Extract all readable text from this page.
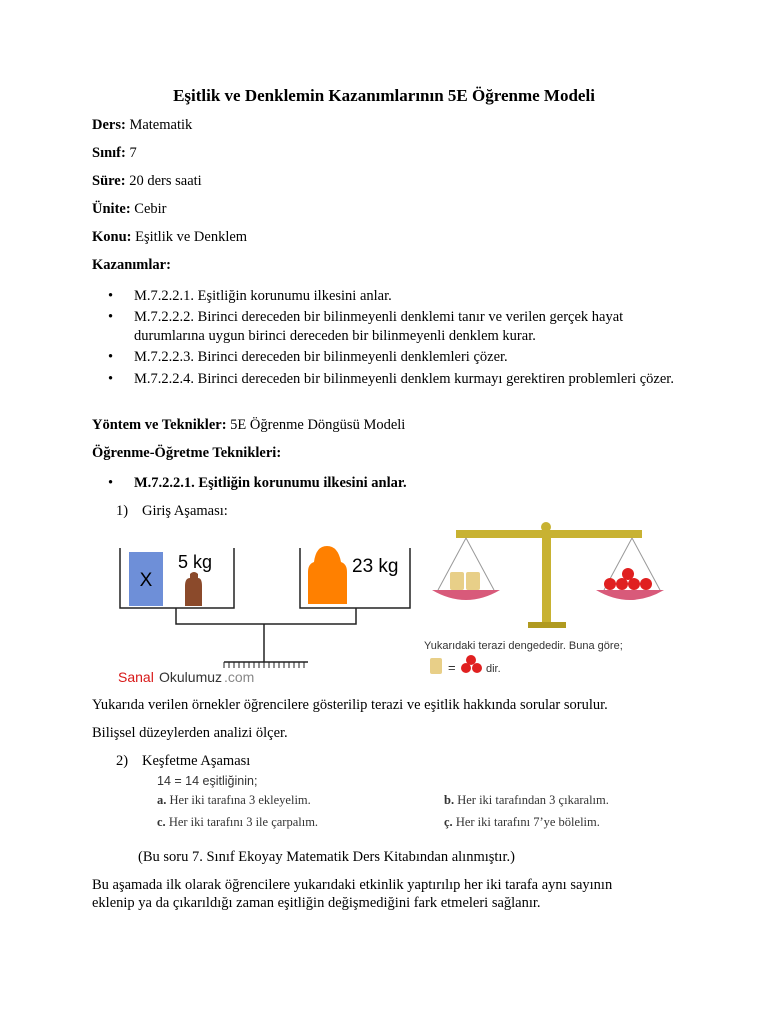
Eşitlik ve Denklemin Kazanımlarının 5E Öğrenme Modeli
Ders: Matematik
Sınıf: 7
Süre: 20 ders saati
Ünite: Cebir
Konu: Eşitlik ve Denklem
Kazanımlar:
• M.7.2.2.1. Eşitliğin korunumu ilkesini anlar.
• M.7.2.2.2. Birinci dereceden bir bilinmeyenli denklemi tanır ve verilen gerçek hayat durumlarına uygun birinci dereceden bir bilinmeyenli denklem kurar.
• M.7.2.2.3. Birinci dereceden bir bilinmeyenli denklemleri çözer.
• M.7.2.2.4. Birinci dereceden bir bilinmeyenli denklem kurmayı gerektiren problemleri çözer.
Yöntem ve Teknikler: 5E Öğrenme Döngüsü Modeli
Öğrenme-Öğretme Teknikleri:
• M.7.2.2.1. Eşitliğin korunumu ilkesini anlar.
1) Giriş Aşaması:
X
5 kg	23 kg
Sanal Okulumuz .com
Yukarıdaki terazi dengededir. Buna göre;
=	dir.
Yukarıda verilen örnekler öğrencilere gösterilip terazi ve eşitlik hakkında sorular sorulur.
Bilişsel düzeylerden analizi ölçer.
2) Keşfetme Aşaması
14 = 14 eşitliğinin;
a. Her iki tarafına 3 ekleyelim.	b. Her iki tarafından 3 çıkaralım.
c. Her iki tarafını 3 ile çarpalım.	ç. Her iki tarafını 7’ye bölelim.
(Bu soru 7. Sınıf Ekoyay Matematik Ders Kitabından alınmıştır.)
Bu aşamada ilk olarak öğrencilere yukarıdaki etkinlik yaptırılıp her iki tarafa aynı sayının
eklenip ya da çıkarıldığı zaman eşitliğin değişmediğini fark etmeleri sağlanır.
